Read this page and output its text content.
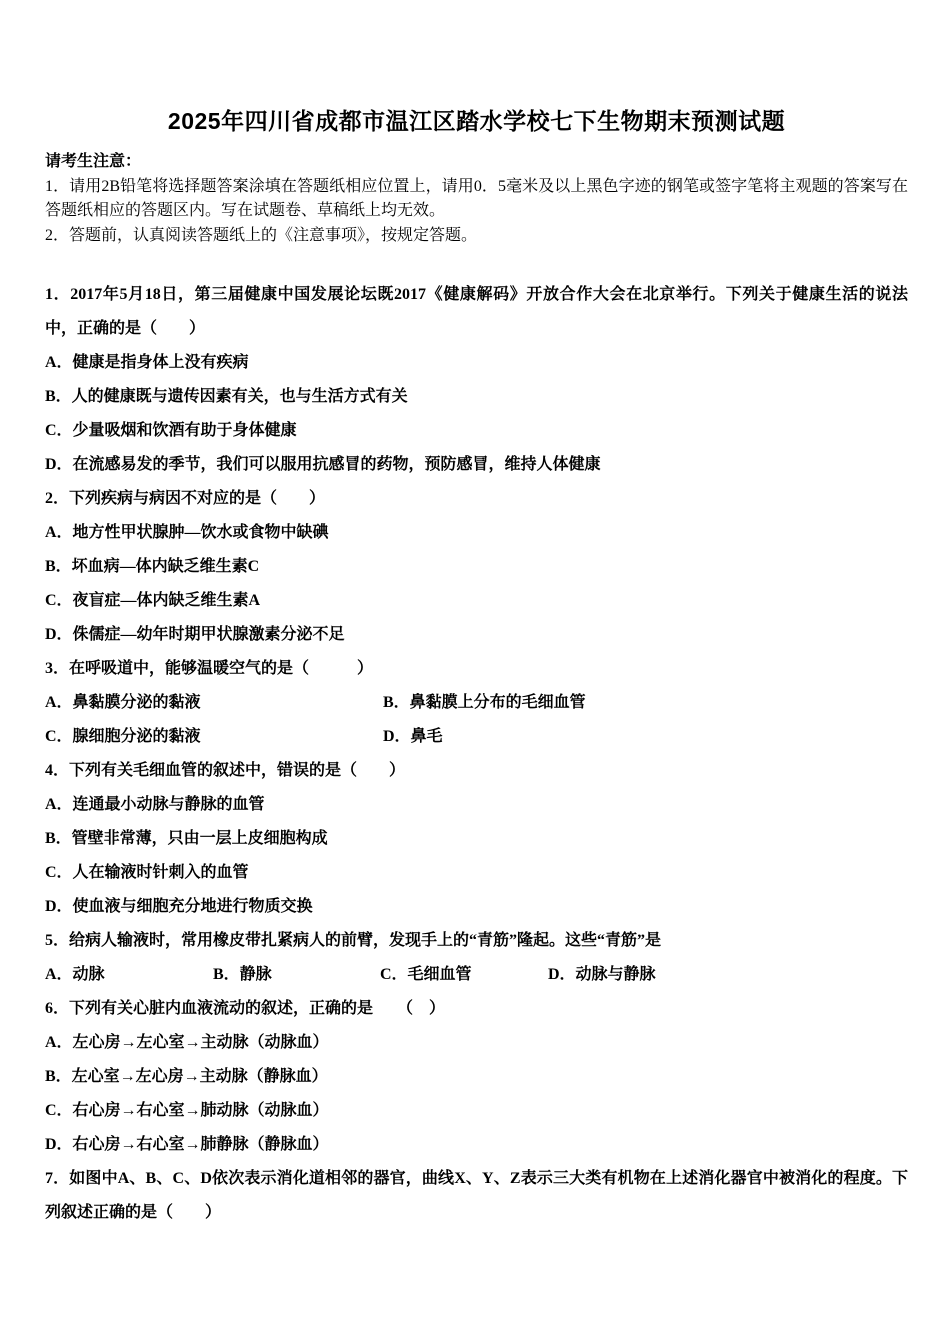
2025年四川省成都市温江区踏水学校七下生物期末预测试题

请考生注意：

1．请用2B铅笔将选择题答案涂填在答题纸相应位置上，请用0．5毫米及以上黑色字迹的钢笔或签字笔将主观题的答案写在答题纸相应的答题区内。写在试题卷、草稿纸上均无效。

2．答题前，认真阅读答题纸上的《注意事项》，按规定答题。

1．2017年5月18日，第三届健康中国发展论坛既2017《健康解码》开放合作大会在北京举行。下列关于健康生活的说法中，正确的是（　　）

A．健康是指身体上没有疾病
B．人的健康既与遗传因素有关，也与生活方式有关
C．少量吸烟和饮酒有助于身体健康
D．在流感易发的季节，我们可以服用抗感冒的药物，预防感冒，维持人体健康

2．下列疾病与病因不对应的是（　　）

A．地方性甲状腺肿—饮水或食物中缺碘
B．坏血病—体内缺乏维生素C
C．夜盲症—体内缺乏维生素A
D．侏儒症—幼年时期甲状腺激素分泌不足

3．在呼吸道中，能够温暖空气的是（　　　）

A．鼻黏膜分泌的黏液	B．鼻黏膜上分布的毛细血管
C．腺细胞分泌的黏液	D．鼻毛

4．下列有关毛细血管的叙述中，错误的是（　　）

A．连通最小动脉与静脉的血管
B．管壁非常薄，只由一层上皮细胞构成
C．人在输液时针刺入的血管
D．使血液与细胞充分地进行物质交换

5．给病人输液时，常用橡皮带扎紧病人的前臂，发现手上的“青筋”隆起。这些“青筋”是

A．动脉	B．静脉	C．毛细血管	D．动脉与静脉

6．下列有关心脏内血液流动的叙述，正确的是　　（　）

A．左心房→左心室→主动脉（动脉血）
B．左心室→左心房→主动脉（静脉血）
C．右心房→右心室→肺动脉（动脉血）
D．右心房→右心室→肺静脉（静脉血）

7．如图中A、B、C、D依次表示消化道相邻的器官，曲线X、Y、Z表示三大类有机物在上述消化器官中被消化的程度。下列叙述正确的是（　　）
